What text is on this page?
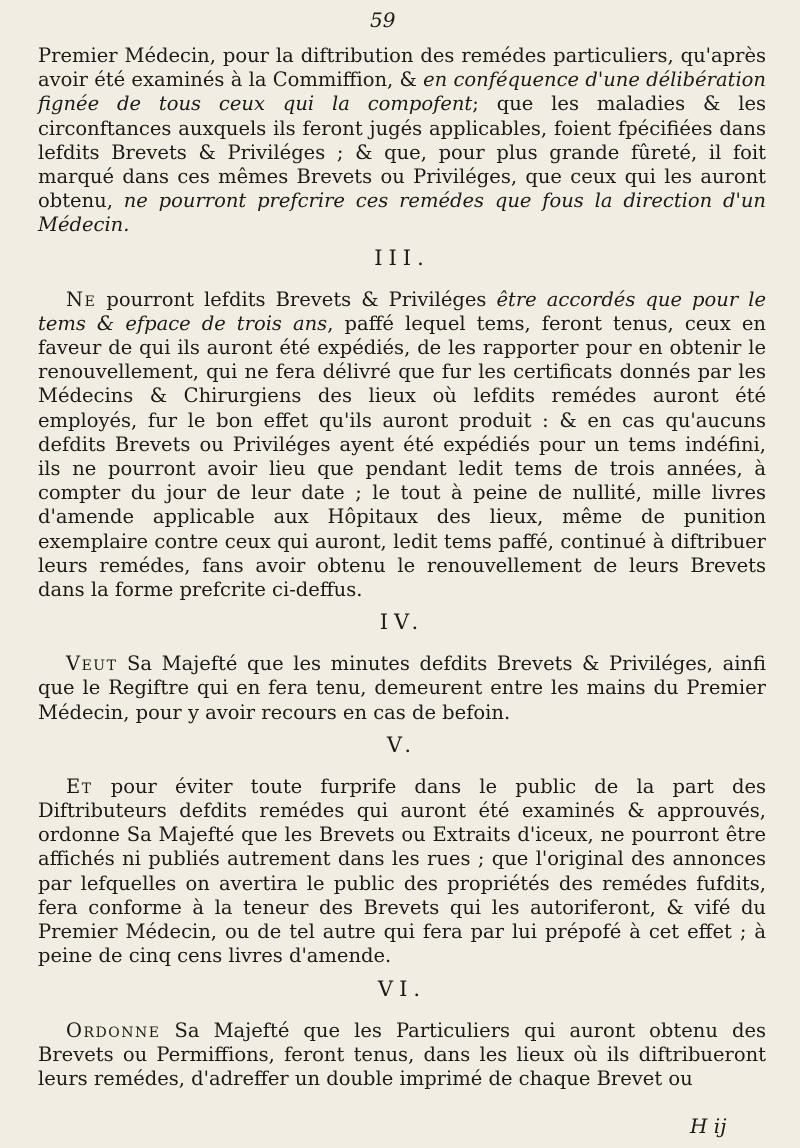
59

Premier Médecin, pour la diftribution des remédes particuliers, qu'après avoir été examinés à la Commiffion, & en conféquence d'une délibération fignée de tous ceux qui la compofent; que les maladies & les circonftances auxquels ils feront jugés applicables, foient fpécifiées dans lefdits Brevets & Priviléges ; & que, pour plus grande fûreté, il foit marqué dans ces mêmes Brevets ou Priviléges, que ceux qui les auront obtenu, ne pourront prefcrire ces remédes que fous la direction d'un Médecin.

III.

Ne pourront lefdits Brevets & Priviléges être accordés que pour le tems & efpace de trois ans, paffé lequel tems, feront tenus, ceux en faveur de qui ils auront été expédiés, de les rapporter pour en obtenir le renouvellement, qui ne fera délivré que fur les certificats donnés par les Médecins & Chirurgiens des lieux où lefdits remédes auront été employés, fur le bon effet qu'ils auront produit : & en cas qu'aucuns defdits Brevets ou Priviléges ayent été expédiés pour un tems indéfini, ils ne pourront avoir lieu que pendant ledit tems de trois années, à compter du jour de leur date ; le tout à peine de nullité, mille livres d'amende applicable aux Hôpitaux des lieux, même de punition exemplaire contre ceux qui auront, ledit tems paffé, continué à diftribuer leurs remédes, fans avoir obtenu le renouvellement de leurs Brevets dans la forme prefcrite ci-deffus.

IV.

Veut Sa Majefté que les minutes defdits Brevets & Priviléges, ainfi que le Regiftre qui en fera tenu, demeurent entre les mains du Premier Médecin, pour y avoir recours en cas de befoin.

V.

Et pour éviter toute furprife dans le public de la part des Diftributeurs defdits remédes qui auront été examinés & approuvés, ordonne Sa Majefté que les Brevets ou Extraits d'iceux, ne pourront être affichés ni publiés autrement dans les rues ; que l'original des annonces par lefquelles on avertira le public des propriétés des remédes fufdits, fera conforme à la teneur des Brevets qui les autoriferont, & vifé du Premier Médecin, ou de tel autre qui fera par lui prépofé à cet effet ; à peine de cinq cens livres d'amende.

VI.

Ordonne Sa Majefté que les Particuliers qui auront obtenu des Brevets ou Permiffions, feront tenus, dans les lieux où ils diftribueront leurs remédes, d'adreffer un double imprimé de chaque Brevet ou

H ij
